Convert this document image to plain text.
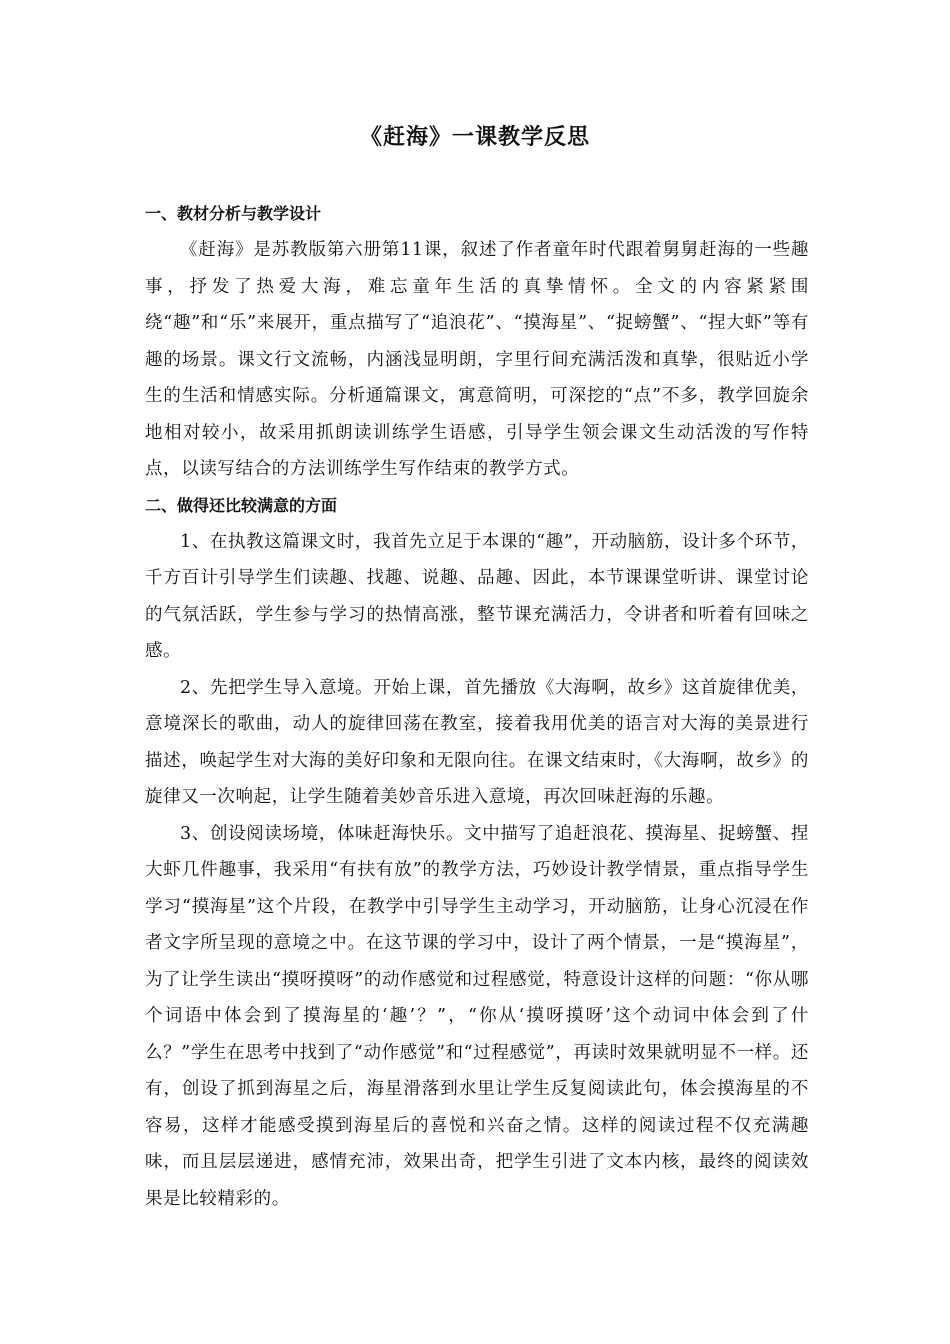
《赶海》一课教学反思
一、教材分析与教学设计

《赶海》是苏教版第六册第11课，叙述了作者童年时代跟着舅舅赶海的一些趣事，抒发了热爱大海，难忘童年生活的真挚情怀。全文的内容紧紧围绕“趣”和“乐”来展开，重点描写了“追浪花”、“摸海星”、“捉螃蟹”、“捏大虾”等有趣的场景。课文行文流畅，内涵浅显明朗，字里行间充满活泼和真挚，很贴近小学生的生活和情感实际。分析通篇课文，寓意简明，可深挖的“点”不多，教学回旋余地相对较小，故采用抓朗读训练学生语感，引导学生领会课文生动活泼的写作特点，以读写结合的方法训练学生写作结束的教学方式。

二、做得还比较满意的方面

1、在执教这篇课文时，我首先立足于本课的“趣”，开动脑筋，设计多个环节，千方百计引导学生们读趣、找趣、说趣、品趣、因此，本节课课堂听讲、课堂讨论的气氛活跃，学生参与学习的热情高涨，整节课充满活力，令讲者和听着有回味之感。

2、先把学生导入意境。开始上课，首先播放《大海啊，故乡》这首旋律优美，意境深长的歌曲，动人的旋律回荡在教室，接着我用优美的语言对大海的美景进行描述，唤起学生对大海的美好印象和无限向往。在课文结束时，《大海啊，故乡》的旋律又一次响起，让学生随着美妙音乐进入意境，再次回味赶海的乐趣。

3、创设阅读场境，体味赶海快乐。文中描写了追赶浪花、摸海星、捉螃蟹、捏大虾几件趣事，我采用“有扶有放”的教学方法，巧妙设计教学情景，重点指导学生学习“摸海星”这个片段，在教学中引导学生主动学习，开动脑筋，让身心沉浸在作者文字所呈现的意境之中。在这节课的学习中，设计了两个情景，一是“摸海星”，为了让学生读出“摸呀摸呀”的动作感觉和过程感觉，特意设计这样的问题：“你从哪个词语中体会到了摸海星的‘趣’？”，“你从‘摸呀摸呀’这个动词中体会到了什么？”学生在思考中找到了“动作感觉”和“过程感觉”，再读时效果就明显不一样。还有，创设了抓到海星之后，海星滑落到水里让学生反复阅读此句，体会摸海星的不容易，这样才能感受摸到海星后的喜悦和兴奋之情。这样的阅读过程不仅充满趣味，而且层层递进，感情充沛，效果出奇，把学生引进了文本内核，最终的阅读效果是比较精彩的。
